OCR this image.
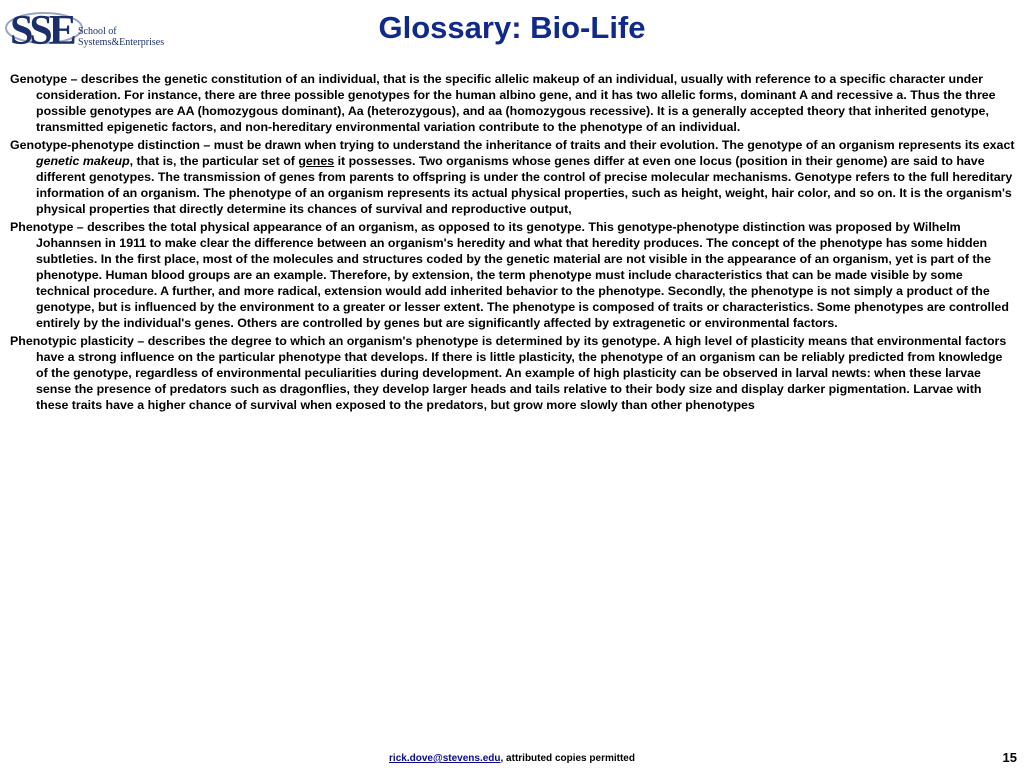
SSE School of
Systems&Enterprises	Glossary: Bio-Life

Genotype – describes the genetic constitution of an individual, that is the specific allelic makeup of an individual, usually with reference to a specific character under consideration. For instance, there are three possible genotypes for the human albino gene, and it has two allelic forms, dominant A and recessive a. Thus the three possible genotypes are AA (homozygous dominant), Aa (heterozygous), and aa (homozygous recessive). It is a generally accepted theory that inherited genotype, transmitted epigenetic factors, and non-hereditary environmental variation contribute to the phenotype of an individual.

Genotype-phenotype distinction – must be drawn when trying to understand the inheritance of traits and their evolution. The genotype of an organism represents its exact genetic makeup, that is, the particular set of genes it possesses. Two organisms whose genes differ at even one locus (position in their genome) are said to have different genotypes. The transmission of genes from parents to offspring is under the control of precise molecular mechanisms. Genotype refers to the full hereditary information of an organism. The phenotype of an organism represents its actual physical properties, such as height, weight, hair color, and so on. It is the organism's physical properties that directly determine its chances of survival and reproductive output,

Phenotype – describes the total physical appearance of an organism, as opposed to its genotype. This genotype-phenotype distinction was proposed by Wilhelm Johannsen in 1911 to make clear the difference between an organism's heredity and what that heredity produces. The concept of the phenotype has some hidden subtleties. In the first place, most of the molecules and structures coded by the genetic material are not visible in the appearance of an organism, yet is part of the phenotype. Human blood groups are an example. Therefore, by extension, the term phenotype must include characteristics that can be made visible by some technical procedure. A further, and more radical, extension would add inherited behavior to the phenotype. Secondly, the phenotype is not simply a product of the genotype, but is influenced by the environment to a greater or lesser extent. The phenotype is composed of traits or characteristics. Some phenotypes are controlled entirely by the individual's genes. Others are controlled by genes but are significantly affected by extragenetic or environmental factors.

Phenotypic plasticity – describes the degree to which an organism's phenotype is determined by its genotype. A high level of plasticity means that environmental factors have a strong influence on the particular phenotype that develops. If there is little plasticity, the phenotype of an organism can be reliably predicted from knowledge of the genotype, regardless of environmental peculiarities during development. An example of high plasticity can be observed in larval newts: when these larvae sense the presence of predators such as dragonflies, they develop larger heads and tails relative to their body size and display darker pigmentation. Larvae with these traits have a higher chance of survival when exposed to the predators, but grow more slowly than other phenotypes

rick.dove@stevens.edu, attributed copies permitted	15
